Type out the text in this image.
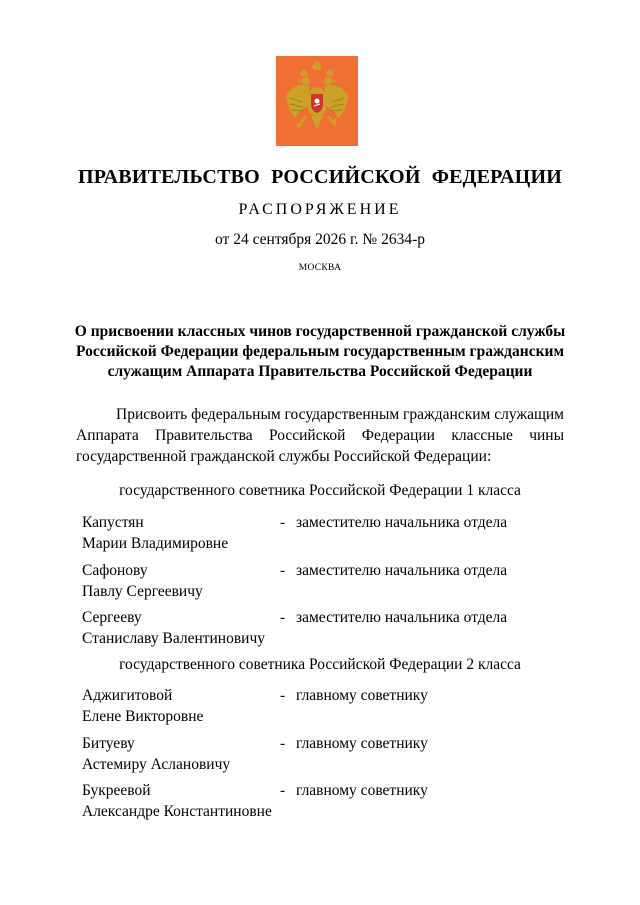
ПРАВИТЕЛЬСТВО РОССИЙСКОЙ ФЕДЕРАЦИИ
РАСПОРЯЖЕНИЕ
от 24 сентября 2026 г. № 2634-р
МОСКВА
О присвоении классных чинов государственной гражданской службы
Российской Федерации федеральным государственным гражданским
служащим Аппарата Правительства Российской Федерации

Присвоить федеральным государственным гражданским служащим Аппарата Правительства Российской Федерации классные чины государственной гражданской службы Российской Федерации:

государственного советника Российской Федерации 1 класса
Капустян
Марии Владимировне
- заместителю начальника отдела
Сафонову
Павлу Сергеевичу
- заместителю начальника отдела
Сергееву
Станиславу Валентиновичу
- заместителю начальника отдела
государственного советника Российской Федерации 2 класса
Аджигитовой
Елене Викторовне
- главному советнику
Битуеву
Астемиру Аслановичу
- главному советнику
Букреевой
Александре Константиновне
- главному советнику
